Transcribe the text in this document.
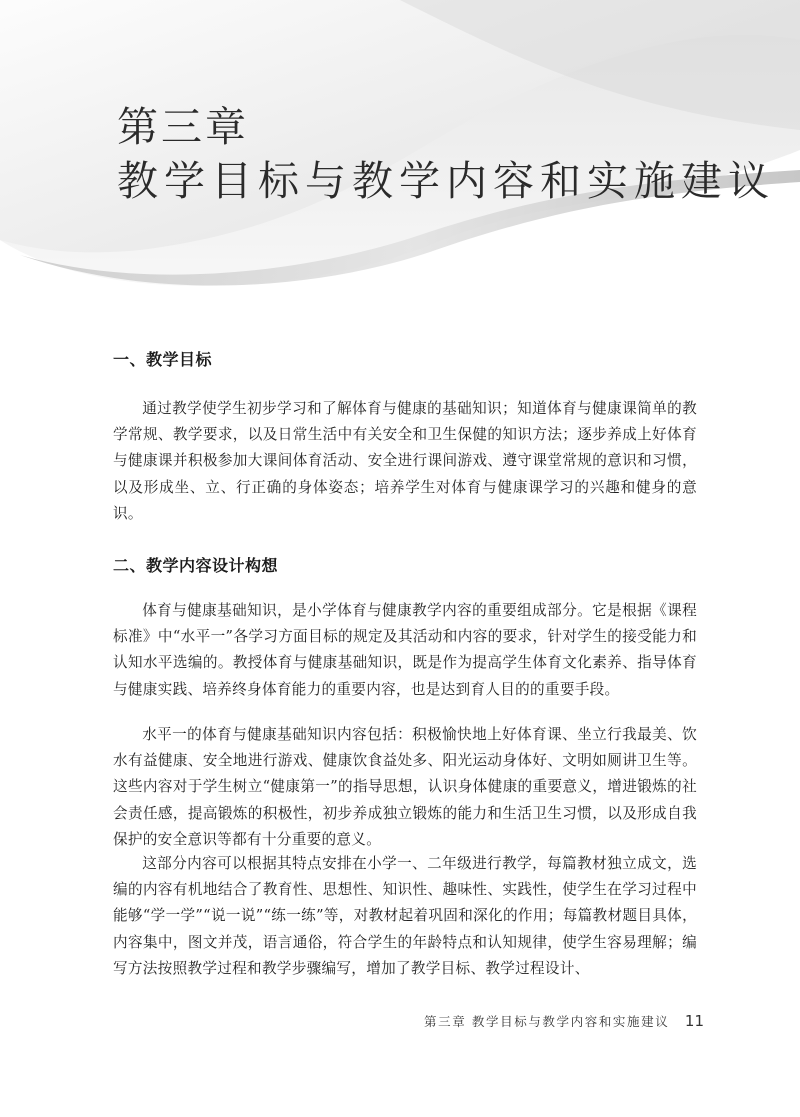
第三章
教学目标与教学内容和实施建议
一、教学目标

通过教学使学生初步学习和了解体育与健康的基础知识；知道体育与健康课简单的教学常规、教学要求，以及日常生活中有关安全和卫生保健的知识方法；逐步养成上好体育与健康课并积极参加大课间体育活动、安全进行课间游戏、遵守课堂常规的意识和习惯，以及形成坐、立、行正确的身体姿态；培养学生对体育与健康课学习的兴趣和健身的意识。

二、教学内容设计构想

体育与健康基础知识，是小学体育与健康教学内容的重要组成部分。它是根据《课程标准》中“水平一”各学习方面目标的规定及其活动和内容的要求，针对学生的接受能力和认知水平选编的。教授体育与健康基础知识，既是作为提高学生体育文化素养、指导体育与健康实践、培养终身体育能力的重要内容，也是达到育人目的的重要手段。

水平一的体育与健康基础知识内容包括：积极愉快地上好体育课、坐立行我最美、饮水有益健康、安全地进行游戏、健康饮食益处多、阳光运动身体好、文明如厕讲卫生等。这些内容对于学生树立“健康第一”的指导思想，认识身体健康的重要意义，增进锻炼的社会责任感，提高锻炼的积极性，初步养成独立锻炼的能力和生活卫生习惯，以及形成自我保护的安全意识等都有十分重要的意义。

这部分内容可以根据其特点安排在小学一、二年级进行教学，每篇教材独立成文，选编的内容有机地结合了教育性、思想性、知识性、趣味性、实践性，使学生在学习过程中能够“学一学”“说一说”“练一练”等，对教材起着巩固和深化的作用；每篇教材题目具体，内容集中，图文并茂，语言通俗，符合学生的年龄特点和认知规律，使学生容易理解；编写方法按照教学过程和教学步骤编写，增加了教学目标、教学过程设计、

第三章 教学目标与教学内容和实施建议 11
